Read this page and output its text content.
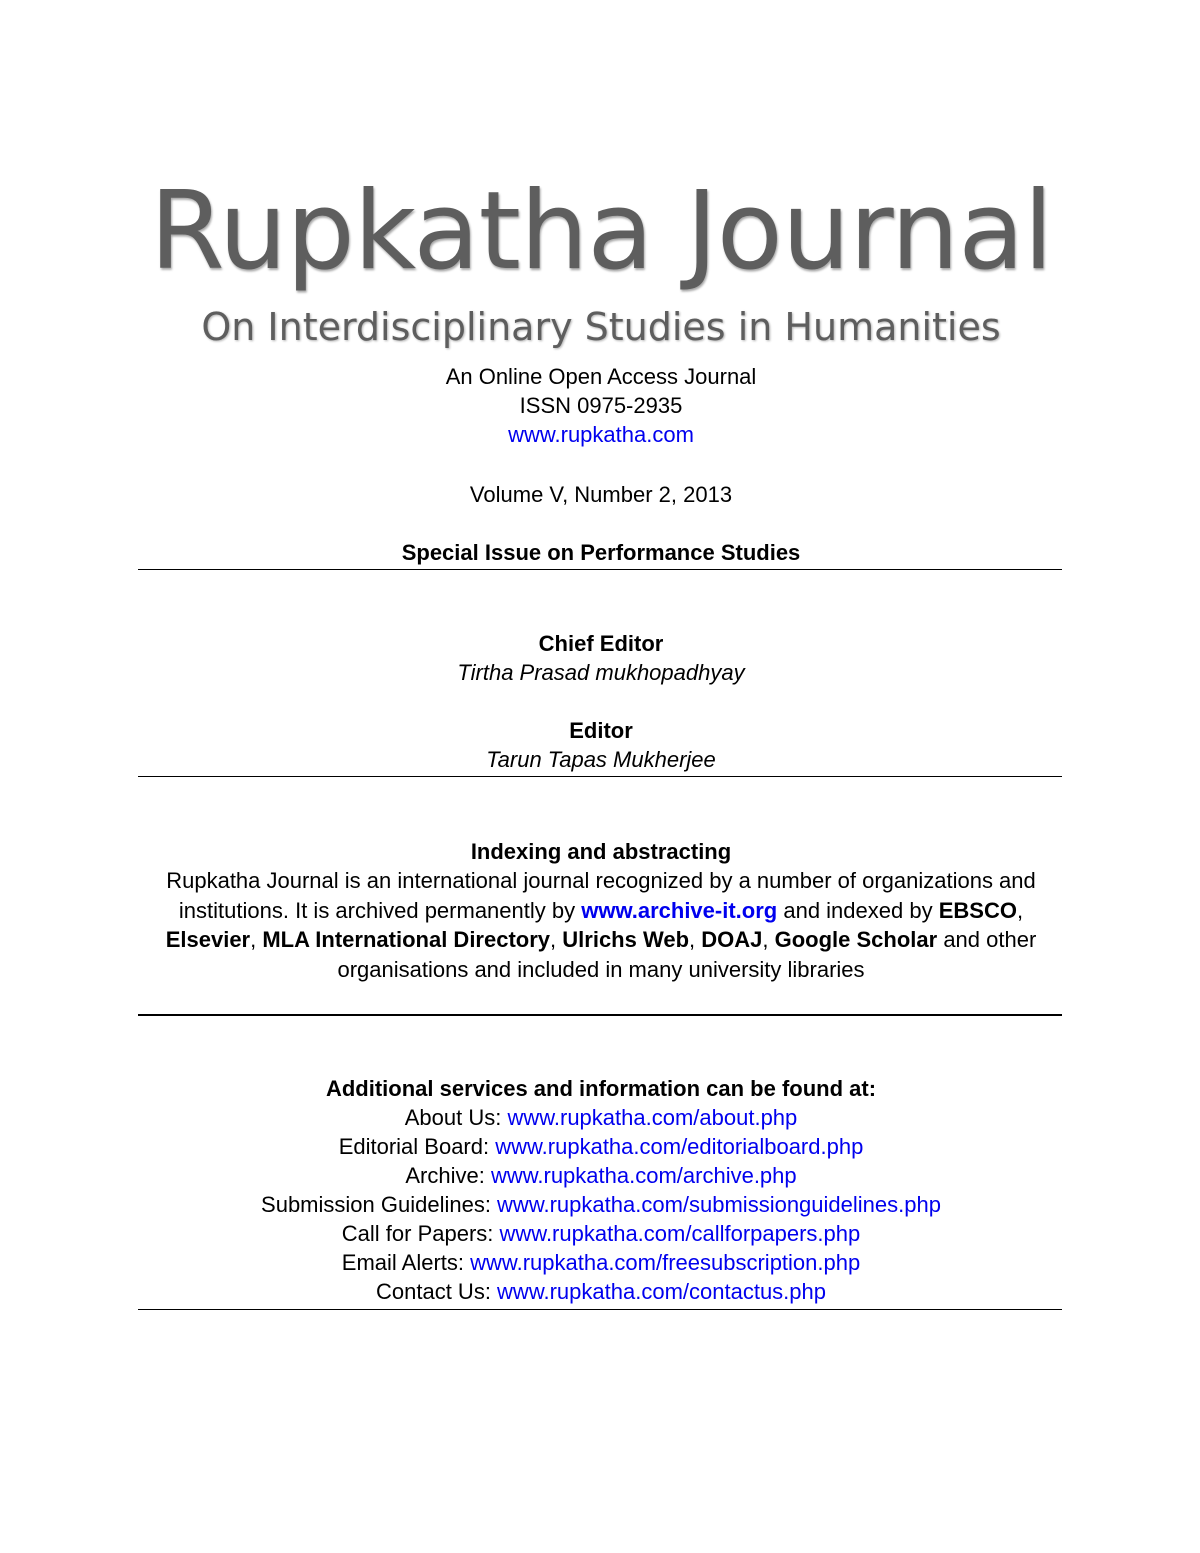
Rupkatha Journal
On Interdisciplinary Studies in Humanities
An Online Open Access Journal
ISSN 0975-2935
www.rupkatha.com
Volume V, Number 2, 2013
Special Issue on Performance Studies
Chief Editor
Tirtha Prasad mukhopadhyay
Editor
Tarun Tapas Mukherjee
Indexing and abstracting
Rupkatha Journal is an international journal recognized by a number of organizations and institutions. It is archived permanently by www.archive-it.org and indexed by EBSCO, Elsevier, MLA International Directory, Ulrichs Web, DOAJ, Google Scholar and other organisations and included in many university libraries
Additional services and information can be found at:
About Us: www.rupkatha.com/about.php
Editorial Board: www.rupkatha.com/editorialboard.php
Archive: www.rupkatha.com/archive.php
Submission Guidelines: www.rupkatha.com/submissionguidelines.php
Call for Papers: www.rupkatha.com/callforpapers.php
Email Alerts: www.rupkatha.com/freesubscription.php
Contact Us: www.rupkatha.com/contactus.php
